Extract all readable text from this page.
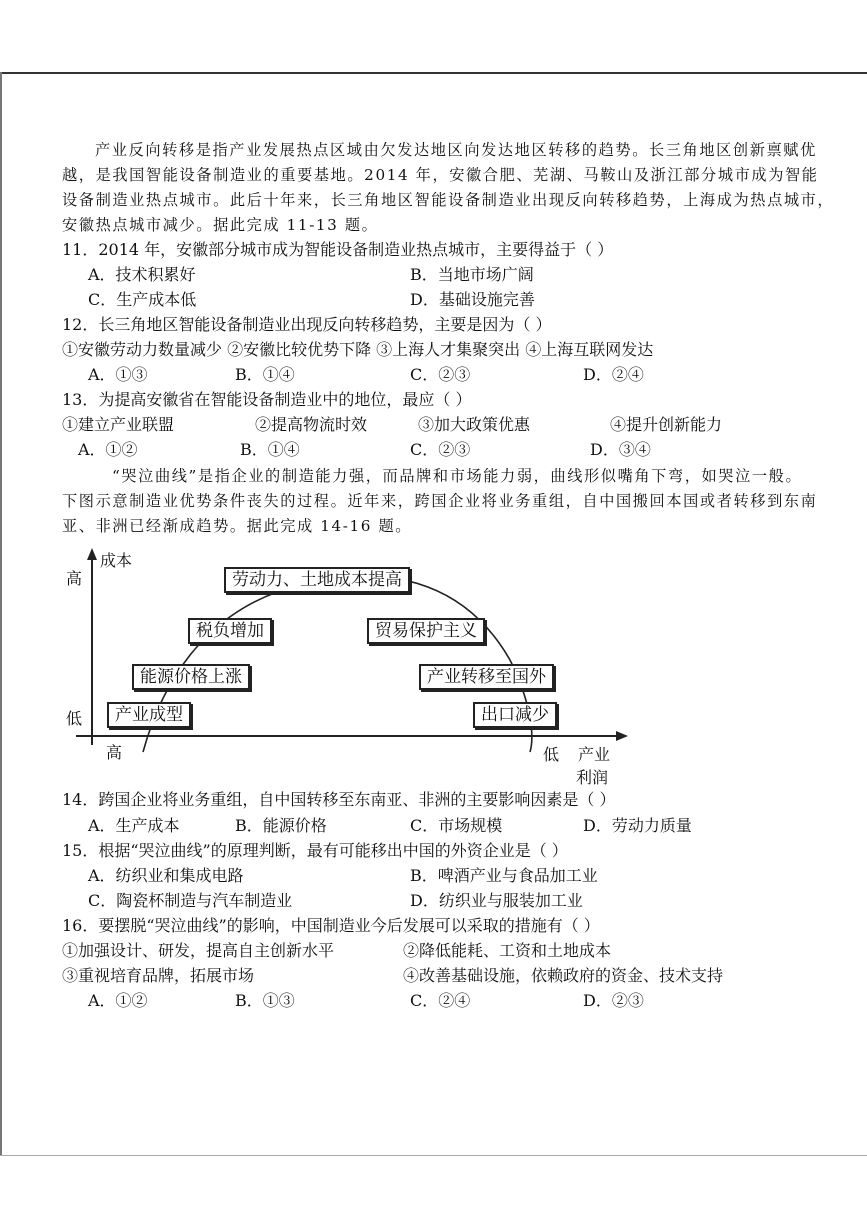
产业反向转移是指产业发展热点区域由欠发达地区向发达地区转移的趋势。长三角地区创新禀赋优
越，是我国智能设备制造业的重要基地。2014 年，安徽合肥、芜湖、马鞍山及浙江部分城市成为智能
设备制造业热点城市。此后十年来，长三角地区智能设备制造业出现反向转移趋势，上海成为热点城市，
安徽热点城市减少。据此完成 11-13 题。
11．2014 年，安徽部分城市成为智能设备制造业热点城市，主要得益于（ ）
A．技术积累好	B．当地市场广阔
C．生产成本低	D．基础设施完善
12．长三角地区智能设备制造业出现反向转移趋势，主要是因为（ ）
①安徽劳动力数量减少 ②安徽比较优势下降 ③上海人才集聚突出 ④上海互联网发达
A．①③	B．①④	C．②③	D．②④
13．为提高安徽省在智能设备制造业中的地位，最应（ ）
①建立产业联盟	②提高物流时效	③加大政策优惠	④提升创新能力
A．①②	B．①④	C．②③	D．③④
“哭泣曲线”是指企业的制造能力强，而品牌和市场能力弱，曲线形似嘴角下弯，如哭泣一般。
下图示意制造业优势条件丧失的过程。近年来，跨国企业将业务重组，自中国搬回本国或者转移到东南
亚、非洲已经渐成趋势。据此完成 14-16 题。
成本
高
低
高	低 产业
利润
劳动力、土地成本提高
税负增加
能源价格上涨
产业成型
贸易保护主义
产业转移至国外
出口减少
14．跨国企业将业务重组，自中国转移至东南亚、非洲的主要影响因素是（ ）
A．生产成本	B．能源价格	C．市场规模	D．劳动力质量
15．根据“哭泣曲线”的原理判断，最有可能移出中国的外资企业是（ ）
A．纺织业和集成电路	B．啤酒产业与食品加工业
C．陶瓷杯制造与汽车制造业	D．纺织业与服装加工业
16．要摆脱“哭泣曲线”的影响，中国制造业今后发展可以采取的措施有（ ）
①加强设计、研发，提高自主创新水平	②降低能耗、工资和土地成本
③重视培育品牌，拓展市场	④改善基础设施，依赖政府的资金、技术支持
A．①②	B．①③	C．②④	D．②③
